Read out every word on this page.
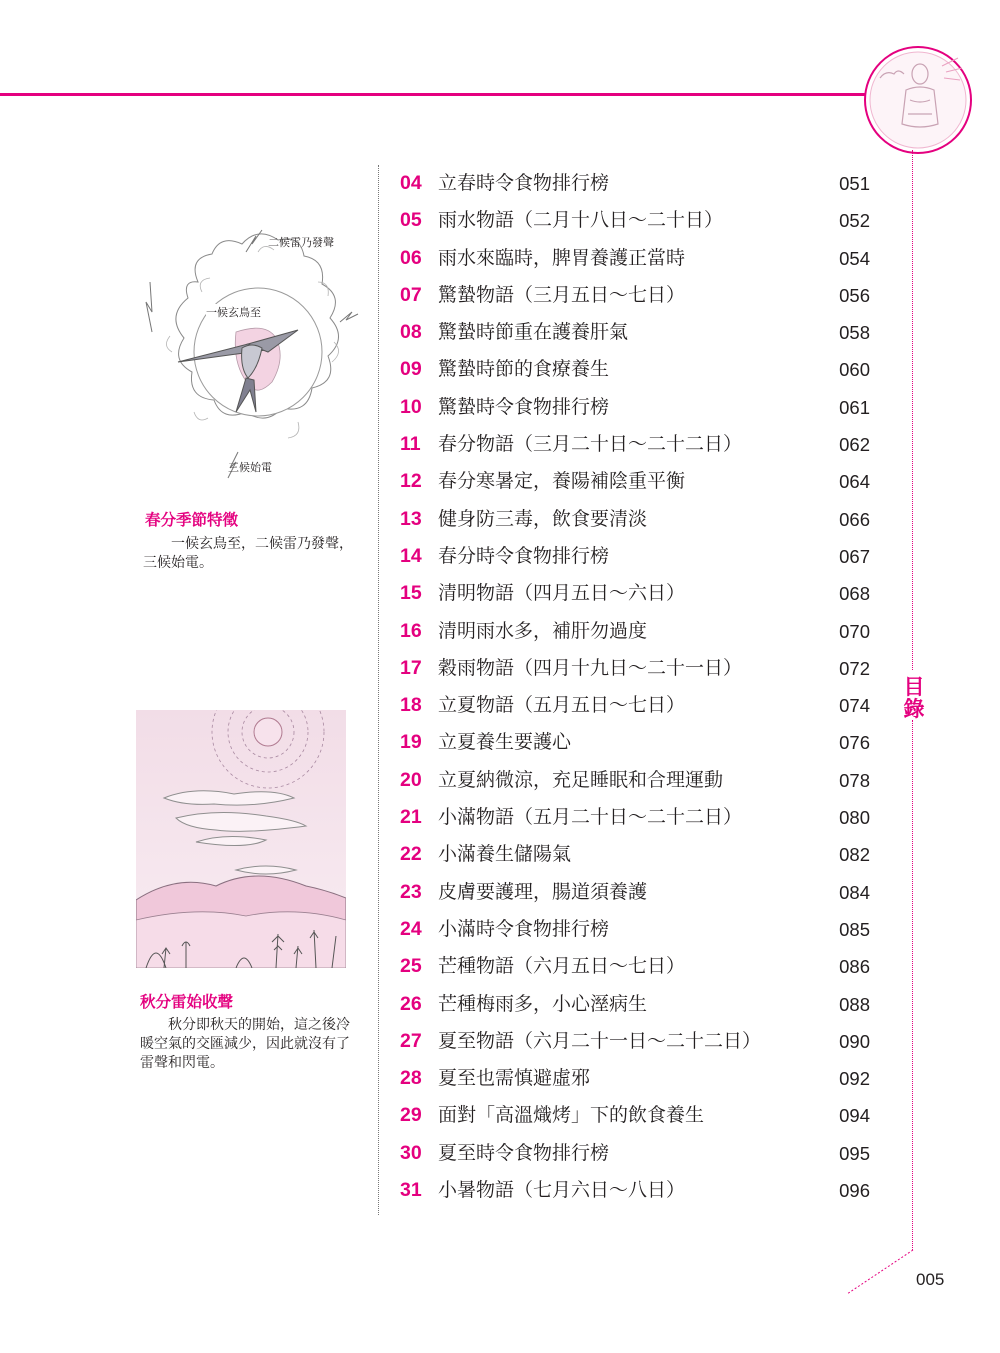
目錄
005
04 立春時令食物排行榜	051
05 雨水物語（二月十八日～二十日）	052
06 雨水來臨時，脾胃養護正當時	054
07 驚蟄物語（三月五日～七日）	056
08 驚蟄時節重在護養肝氣	058
09 驚蟄時節的食療養生	060
10 驚蟄時令食物排行榜	061
11 春分物語（三月二十日～二十二日）	062
12 春分寒暑定，養陽補陰重平衡	064
13 健身防三毒，飲食要清淡	066
14 春分時令食物排行榜	067
15 清明物語（四月五日～六日）	068
16 清明雨水多，補肝勿過度	070
17 穀雨物語（四月十九日～二十一日）	072
18 立夏物語（五月五日～七日）	074
19 立夏養生要護心	076
20 立夏納微涼，充足睡眠和合理運動	078
21 小滿物語（五月二十日～二十二日）	080
22 小滿養生儲陽氣	082
23 皮膚要護理，腸道須養護	084
24 小滿時令食物排行榜	085
25 芒種物語（六月五日～七日）	086
26 芒種梅雨多，小心溼病生	088
27 夏至物語（六月二十一日～二十二日）	090
28 夏至也需慎避虛邪	092
29 面對「高溫熾烤」下的飲食養生	094
30 夏至時令食物排行榜	095
31 小暑物語（七月六日～八日）	096
二候雷乃發聲
一候玄鳥至
三候始電
春分季節特徵
一候玄鳥至，二候雷乃發聲，三候始電。
秋分雷始收聲
秋分即秋天的開始，這之後冷暖空氣的交匯減少，因此就沒有了雷聲和閃電。
